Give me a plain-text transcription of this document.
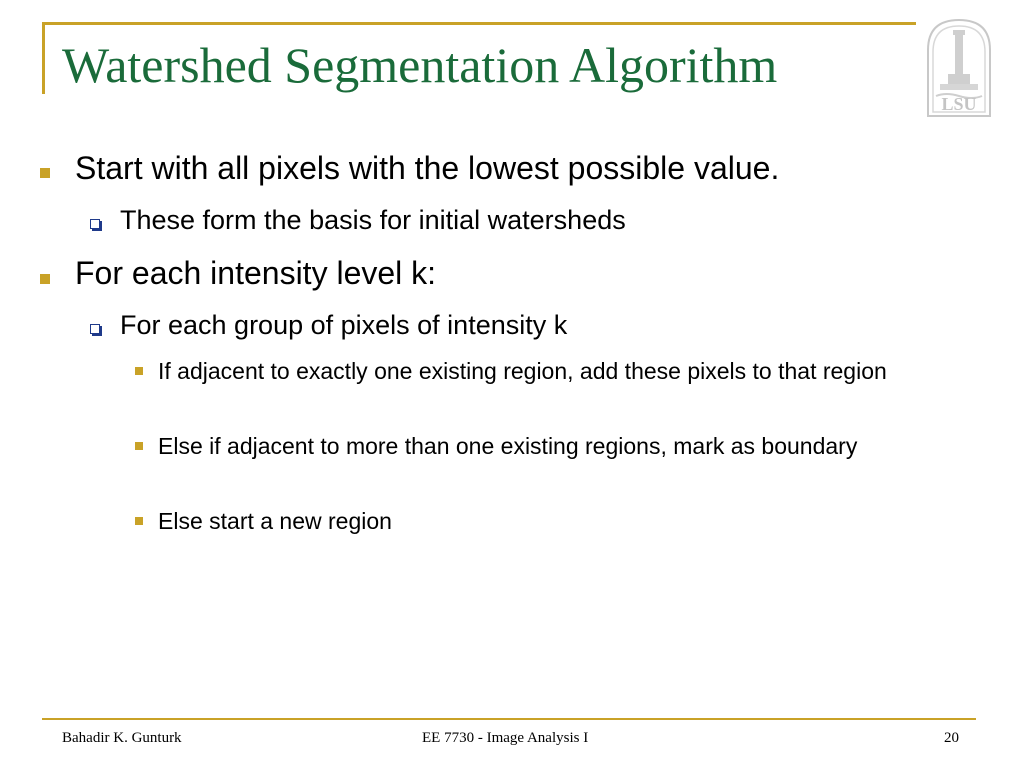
Watershed Segmentation Algorithm
LSU
Start with all pixels with the lowest possible value.
These form the basis for initial watersheds
For each intensity level k:
For each group of pixels of intensity k
If adjacent to exactly one existing region, add these pixels to that region
Else if adjacent to more than one existing regions, mark as boundary
Else start a new region
Bahadir K. Gunturk	EE 7730 - Image Analysis I	20
